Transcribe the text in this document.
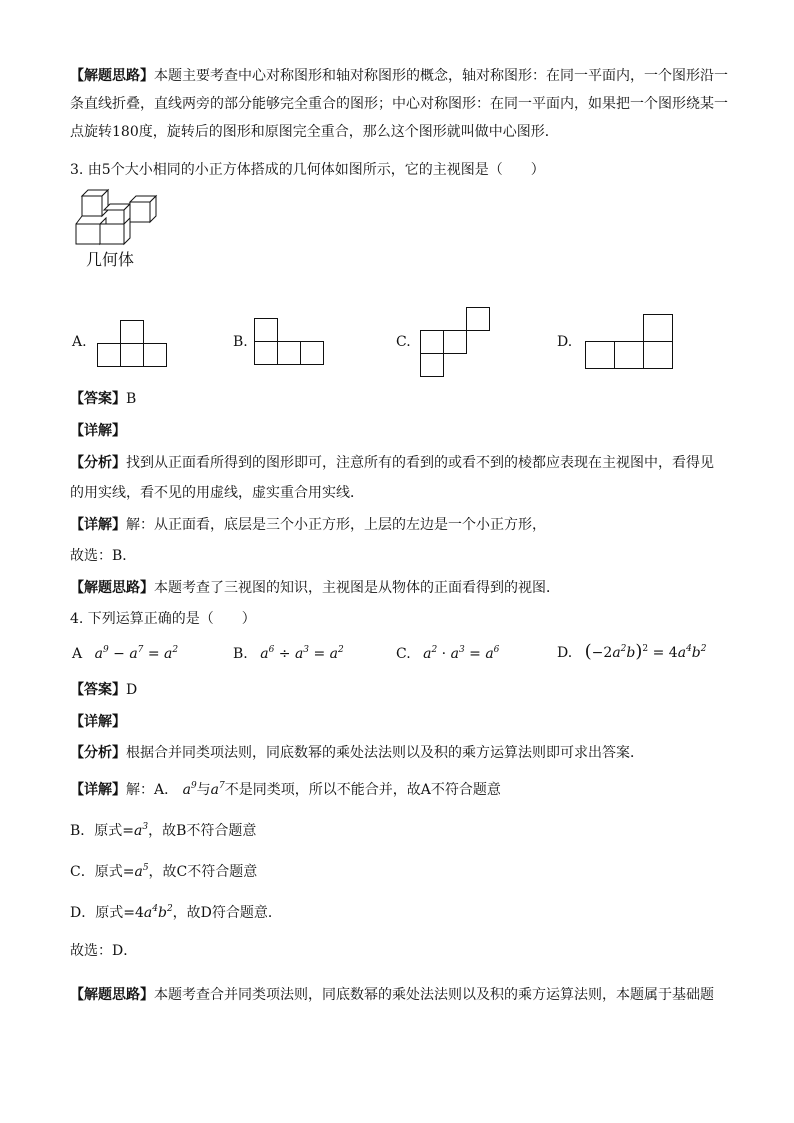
【解题思路】本题主要考查中心对称图形和轴对称图形的概念，轴对称图形：在同一平面内，一个图形沿一条直线折叠，直线两旁的部分能够完全重合的图形；中心对称图形：在同一平面内，如果把一个图形绕某一点旋转180度，旋转后的图形和原图完全重合，那么这个图形就叫做中心图形．
3. 由5个大小相同的小正方体搭成的几何体如图所示，它的主视图是（　　）
几何体
A.	B.	C.	D.
【答案】B
【详解】
【分析】找到从正面看所得到的图形即可，注意所有的看到的或看不到的棱都应表现在主视图中，看得见
的用实线，看不见的用虚线，虚实重合用实线．
【详解】解：从正面看，底层是三个小正方形，上层的左边是一个小正方形，
故选：B．
【解题思路】本题考查了三视图的知识，主视图是从物体的正面看得到的视图．
4. 下列运算正确的是（　　）
A $a^9 - a^7 = a^2$	B. $a^6 \div a^3 = a^2$	C. $a^2 \cdot a^3 = a^6$	D. $(-2a^2b)^2 = 4a^4b^2$
【答案】D
【详解】
【分析】根据合并同类项法则，同底数幂的乘处法法则以及积的乘方运算法则即可求出答案．
【详解】解：A． $a^9$与$a^7$不是同类项，所以不能合并，故A不符合题意
B．原式$=a^3$，故B不符合题意
C．原式$=a^5$，故C不符合题意
D．原式$=4a^4b^2$，故D符合题意．
故选：D．
【解题思路】本题考查合并同类项法则，同底数幂的乘处法法则以及积的乘方运算法则，本题属于基础题
